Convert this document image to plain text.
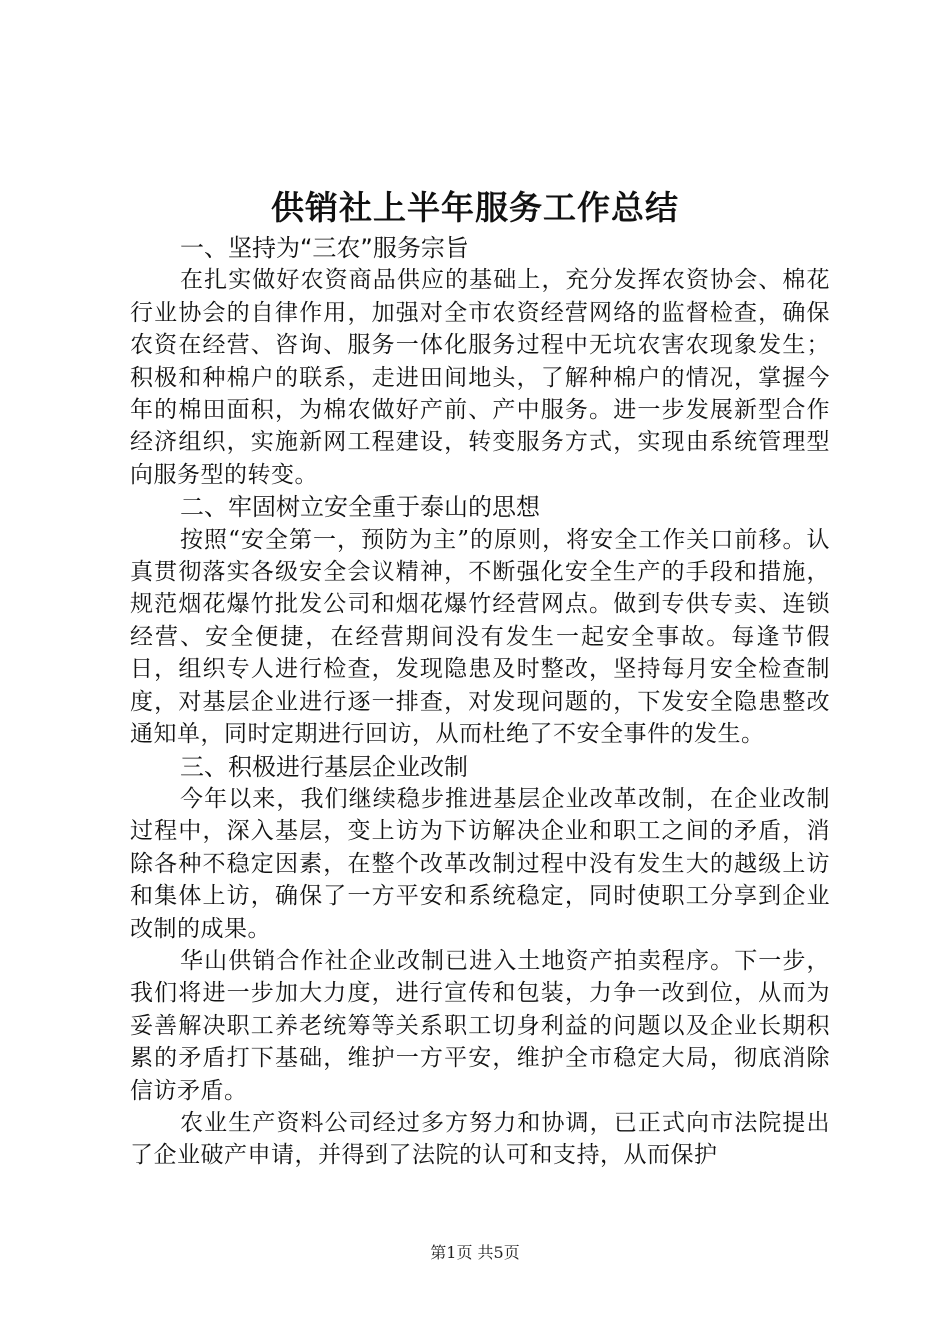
供销社上半年服务工作总结
一、坚持为“三农”服务宗旨

在扎实做好农资商品供应的基础上，充分发挥农资协会、棉花行业协会的自律作用，加强对全市农资经营网络的监督检查，确保农资在经营、咨询、服务一体化服务过程中无坑农害农现象发生；积极和种棉户的联系，走进田间地头，了解种棉户的情况，掌握今年的棉田面积，为棉农做好产前、产中服务。进一步发展新型合作经济组织，实施新网工程建设，转变服务方式，实现由系统管理型向服务型的转变。

二、牢固树立安全重于泰山的思想

按照“安全第一，预防为主”的原则，将安全工作关口前移。认真贯彻落实各级安全会议精神，不断强化安全生产的手段和措施，规范烟花爆竹批发公司和烟花爆竹经营网点。做到专供专卖、连锁经营、安全便捷，在经营期间没有发生一起安全事故。每逢节假日，组织专人进行检查，发现隐患及时整改，坚持每月安全检查制度，对基层企业进行逐一排查，对发现问题的，下发安全隐患整改通知单，同时定期进行回访，从而杜绝了不安全事件的发生。

三、积极进行基层企业改制

今年以来，我们继续稳步推进基层企业改革改制，在企业改制过程中，深入基层，变上访为下访解决企业和职工之间的矛盾，消除各种不稳定因素，在整个改革改制过程中没有发生大的越级上访和集体上访，确保了一方平安和系统稳定，同时使职工分享到企业改制的成果。

华山供销合作社企业改制已进入土地资产拍卖程序。下一步，我们将进一步加大力度，进行宣传和包装，力争一改到位，从而为妥善解决职工养老统筹等关系职工切身利益的问题以及企业长期积累的矛盾打下基础，维护一方平安，维护全市稳定大局，彻底消除信访矛盾。

农业生产资料公司经过多方努力和协调，已正式向市法院提出了企业破产申请，并得到了法院的认可和支持，从而保护

第1页 共5页
